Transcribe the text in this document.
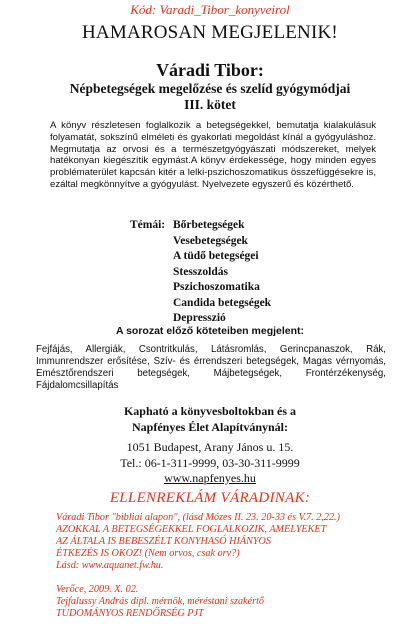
Kód: Varadi_Tibor_konyveirol
HAMAROSAN MEGJELENIK!
Váradi Tibor:
Népbetegségek megelőzése és szelíd gyógymódjai
III. kötet
A könyv részletesen foglalkozik a betegségekkel, bemutatja kialakulásuk folyamatát, sokszínű elméleti és gyakorlati megoldást kínál a gyógyuláshoz. Megmutatja az orvosi és a természetgyógyászati módszereket, melyek hatékonyan kiegészítik egymást.A könyv érdekessége, hogy minden egyes problématerület kapcsán kitér a lelki-pszichoszomatikus összefüggésekre is, ezáltal megkönnyítve a gyógyulást. Nyelvezete egyszerű és közérthető.
Témái: Bőrbetegségek
Vesebetegségek
A tüdő betegségei
Stesszoldás
Pszichoszomatika
Candida betegségek
Depresszió
A sorozat előző köteteiben megjelent:
Fejfájás, Allergiák, Csontritkulás, Látásromlás, Gerincpanaszok, Rák, Immunrendszer erősítése, Szív- és érrendszeri betegségek, Magas vérnyomás, Emésztőrendszeri betegségek, Májbetegségek, Frontérzékenység, Fájdalomcsillapítás
Kapható a könyvesboltokban és a
Napfényes Élet Alapítványnál:
1051 Budapest, Arany János u. 15.
Tel.: 06-1-311-9999, 03-30-311-9999
www.napfenyes.hu
ELLENREKLÁM VÁRADINAK:
Váradi Tibor "bibliai alapon", (lásd Mózes II. 23. 20-33 és V.7. 2,22.)
AZOKKAL A BETEGSÉGEKKEL FOGLALKOZIK, AMELYEKET
AZ ÁLTALA IS BEBESZÉLT KONYHASÓ HIÁNYOS
ÉTKEZÉS IS OKOZ! (Nem orvos, csak orv?)
Lásd: www.aquanet.fw.hu.
Verőce, 2009. X. 02.
Tejfalussy András dipl. mérnök, méréstani szakértő
TUDOMÁNYOS RENDŐRSÉG PJT
